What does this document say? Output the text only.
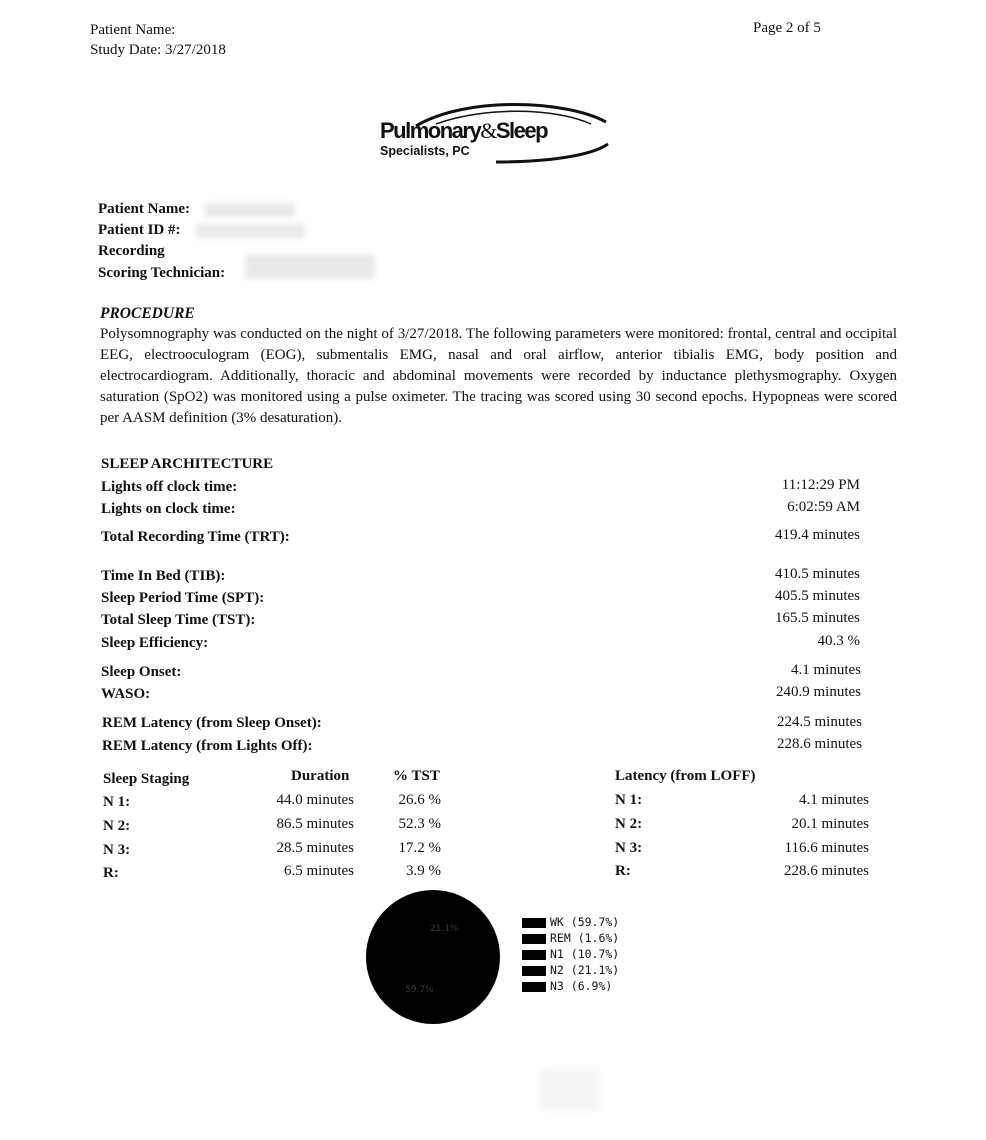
Patient Name:
Study Date: 3/27/2018
Page 2 of 5
Pulmonary&Sleep
Specialists, PC
Patient Name:
Patient ID #:
Recording
Scoring Technician:
PROCEDURE
Polysomnography was conducted on the night of 3/27/2018. The following parameters were monitored: frontal, central and occipital EEG, electrooculogram (EOG), submentalis EMG, nasal and oral airflow, anterior tibialis EMG, body position and electrocardiogram. Additionally, thoracic and abdominal movements were recorded by inductance plethysmography. Oxygen saturation (SpO2) was monitored using a pulse oximeter. The tracing was scored using 30 second epochs. Hypopneas were scored per AASM definition (3% desaturation).
SLEEP ARCHITECTURE
Lights off clock time:	11:12:29 PM
Lights on clock time:	6:02:59 AM
Total Recording Time (TRT):	419.4 minutes
Time In Bed (TIB):	410.5 minutes
Sleep Period Time (SPT):	405.5 minutes
Total Sleep Time (TST):	165.5 minutes
Sleep Efficiency:	40.3 %
Sleep Onset:	4.1 minutes
WASO:	240.9 minutes
REM Latency (from Sleep Onset):	224.5 minutes
REM Latency (from Lights Off):	228.6 minutes
Sleep Staging	Duration	% TST	Latency (from LOFF)
N 1:	44.0 minutes	26.6 %	N 1:	4.1 minutes
N 2:	86.5 minutes	52.3 %	N 2:	20.1 minutes
N 3:	28.5 minutes	17.2 %	N 3:	116.6 minutes
R:	6.5 minutes	3.9 %	R:	228.6 minutes
21.1%
59.7%
WK (59.7%)
REM (1.6%)
N1 (10.7%)
N2 (21.1%)
N3 (6.9%)
